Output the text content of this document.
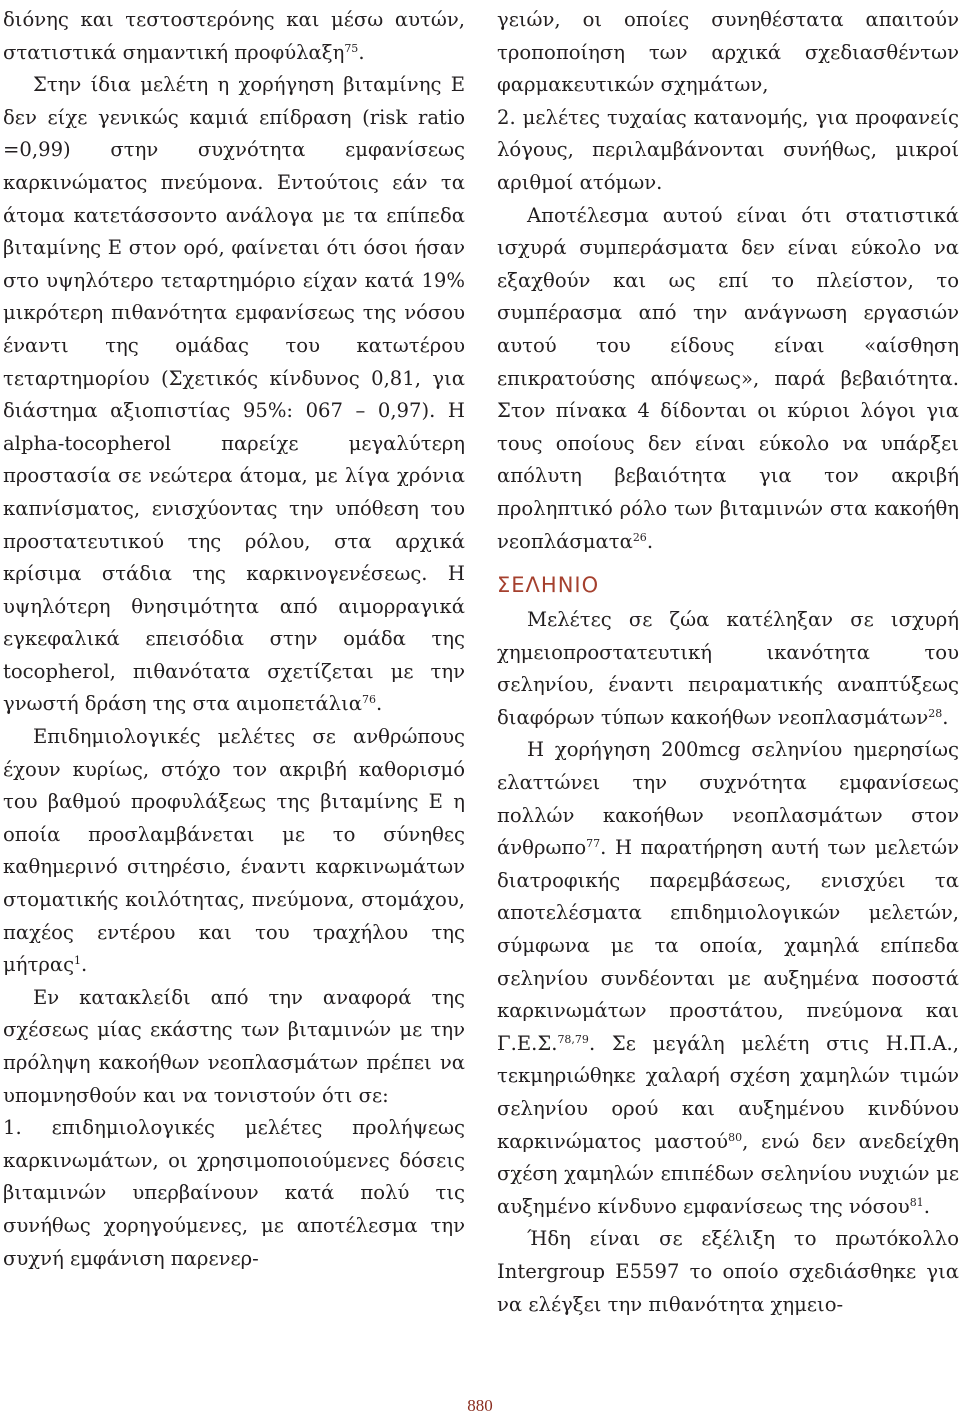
διόνης και τεστοστερόνης και μέσω αυτών, στατιστικά σημαντική προφύλαξη$^{75}$.

Στην ίδια μελέτη η χορήγηση βιταμίνης Ε δεν είχε γενικώς καμιά επίδραση (risk ratio =0,99) στην συχνότητα εμφανίσεως καρκινώματος πνεύμονα. Εντούτοις εάν τα άτομα κατετάσσοντο ανάλογα με τα επίπεδα βιταμίνης Ε στον ορό, φαίνεται ότι όσοι ήσαν στο υψηλότερο τεταρτημόριο είχαν κατά 19% μικρότερη πιθανότητα εμφανίσεως της νόσου έναντι της ομάδας του κατωτέρου τεταρτημορίου (Σχετικός κίνδυνος 0,81, για διάστημα αξιοπιστίας 95%: 067 – 0,97). Η alpha-tocopherol παρείχε μεγαλύτερη προστασία σε νεώτερα άτομα, με λίγα χρόνια καπνίσματος, ενισχύοντας την υπόθεση του προστατευτικού της ρόλου, στα αρχικά κρίσιμα στάδια της καρκινογενέσεως. Η υψηλότερη θνησιμότητα από αιμορραγικά εγκεφαλικά επεισόδια στην ομάδα της tocopherol, πιθανότατα σχετίζεται με την γνωστή δράση της στα αιμοπετάλια$^{76}$.

Επιδημιολογικές μελέτες σε ανθρώπους έχουν κυρίως, στόχο τον ακριβή καθορισμό του βαθμού προφυλάξεως της βιταμίνης Ε η οποία προσλαμβάνεται με το σύνηθες καθημερινό σιτηρέσιο, έναντι καρκινωμάτων στοματικής κοιλότητας, πνεύμονα, στομάχου, παχέος εντέρου και του τραχήλου της μήτρας$^1$.

Εν κατακλείδι από την αναφορά της σχέσεως μίας εκάστης των βιταμινών με την πρόληψη κακοήθων νεοπλασμάτων πρέπει να υπομνησθούν και να τονιστούν ότι σε:

1. επιδημιολογικές μελέτες προλήψεως καρκινωμάτων, οι χρησιμοποιούμενες δόσεις βιταμινών υπερβαίνουν κατά πολύ τις συνήθως χορηγούμενες, με αποτέλεσμα την συχνή εμφάνιση παρενερ-

γειών, οι οποίες συνηθέστατα απαιτούν τροποποίηση των αρχικά σχεδιασθέντων φαρμακευτικών σχημάτων,

2. μελέτες τυχαίας κατανομής, για προφανείς λόγους, περιλαμβάνονται συνήθως, μικροί αριθμοί ατόμων.

Αποτέλεσμα αυτού είναι ότι στατιστικά ισχυρά συμπεράσματα δεν είναι εύκολο να εξαχθούν και ως επί το πλείστον, το συμπέρασμα από την ανάγνωση εργασιών αυτού του είδους είναι «αίσθηση επικρατούσης απόψεως», παρά βεβαιότητα. Στον πίνακα 4 δίδονται οι κύριοι λόγοι για τους οποίους δεν είναι εύκολο να υπάρξει απόλυτη βεβαιότητα για τον ακριβή προληπτικό ρόλο των βιταμινών στα κακοήθη νεοπλάσματα$^{26}$.

ΣΕΛΗΝΙΟ

Μελέτες σε ζώα κατέληξαν σε ισχυρή χημειοπροστατευτική ικανότητα του σεληνίου, έναντι πειραματικής αναπτύξεως διαφόρων τύπων κακοήθων νεοπλασμάτων$^{28}$.

Η χορήγηση 200mcg σεληνίου ημερησίως ελαττώνει την συχνότητα εμφανίσεως πολλών κακοήθων νεοπλασμάτων στον άνθρωπο$^{77}$. Η παρατήρηση αυτή των μελετών διατροφικής παρεμβάσεως, ενισχύει τα αποτελέσματα επιδημιολογικών μελετών, σύμφωνα με τα οποία, χαμηλά επίπεδα σεληνίου συνδέονται με αυξημένα ποσοστά καρκινωμάτων προστάτου, πνεύμονα και Γ.Ε.Σ.$^{78,79}$. Σε μεγάλη μελέτη στις Η.Π.Α., τεκμηριώθηκε χαλαρή σχέση χαμηλών τιμών σεληνίου ορού και αυξημένου κινδύνου καρκινώματος μαστού$^{80}$, ενώ δεν ανεδείχθη σχέση χαμηλών επιπέδων σεληνίου νυχιών με αυξημένο κίνδυνο εμφανίσεως της νόσου$^{81}$.

Ήδη είναι σε εξέλιξη το πρωτόκολλο Intergroup E5597 το οποίο σχεδιάσθηκε για να ελέγξει την πιθανότητα χημειο-

880
